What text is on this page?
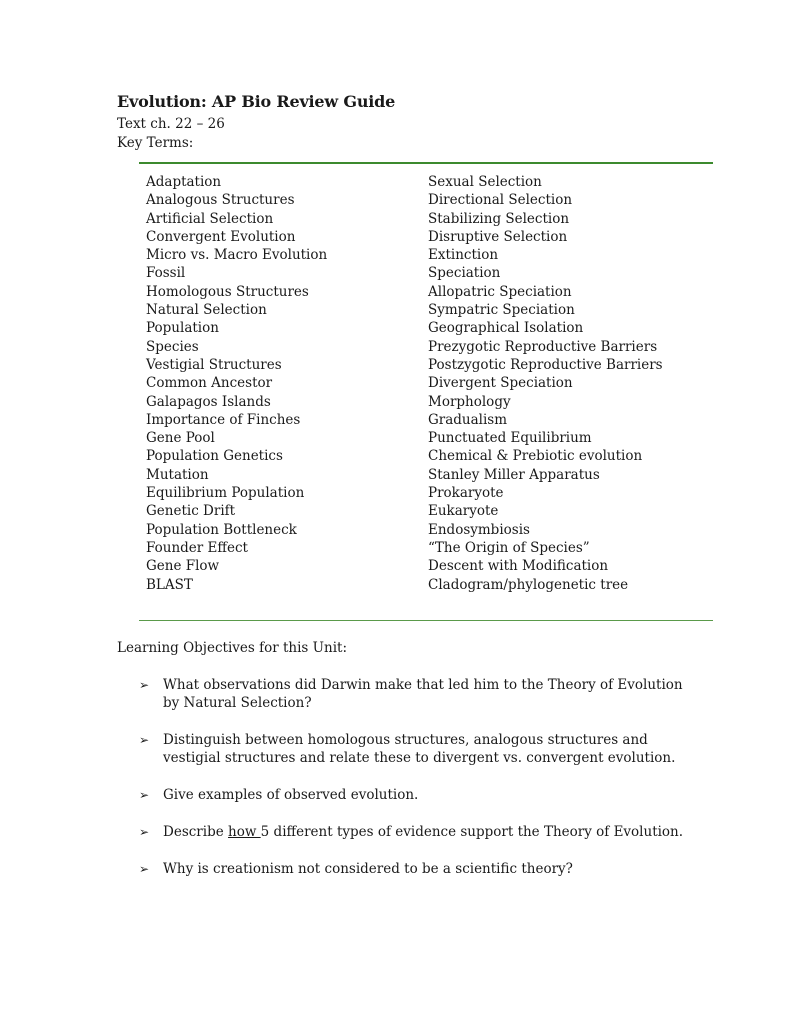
Evolution: AP Bio Review Guide
Text ch. 22 – 26
Key Terms:
Adaptation
Analogous Structures
Artificial Selection
Convergent Evolution
Micro vs. Macro Evolution
Fossil
Homologous Structures
Natural Selection
Population
Species
Vestigial Structures
Common Ancestor
Galapagos Islands
Importance of Finches
Gene Pool
Population Genetics
Mutation
Equilibrium Population
Genetic Drift
Population Bottleneck
Founder Effect
Gene Flow
BLAST
Sexual Selection
Directional Selection
Stabilizing Selection
Disruptive Selection
Extinction
Speciation
Allopatric Speciation
Sympatric Speciation
Geographical Isolation
Prezygotic Reproductive Barriers
Postzygotic Reproductive Barriers
Divergent Speciation
Morphology
Gradualism
Punctuated Equilibrium
Chemical & Prebiotic evolution
Stanley Miller Apparatus
Prokaryote
Eukaryote
Endosymbiosis
“The Origin of Species”
Descent with Modification
Cladogram/phylogenetic tree
Learning Objectives for this Unit:
➢ What observations did Darwin make that led him to the Theory of Evolution by Natural Selection?
➢ Distinguish between homologous structures, analogous structures and vestigial structures and relate these to divergent vs. convergent evolution.
➢ Give examples of observed evolution.
➢ Describe how 5 different types of evidence support the Theory of Evolution.
➢ Why is creationism not considered to be a scientific theory?
